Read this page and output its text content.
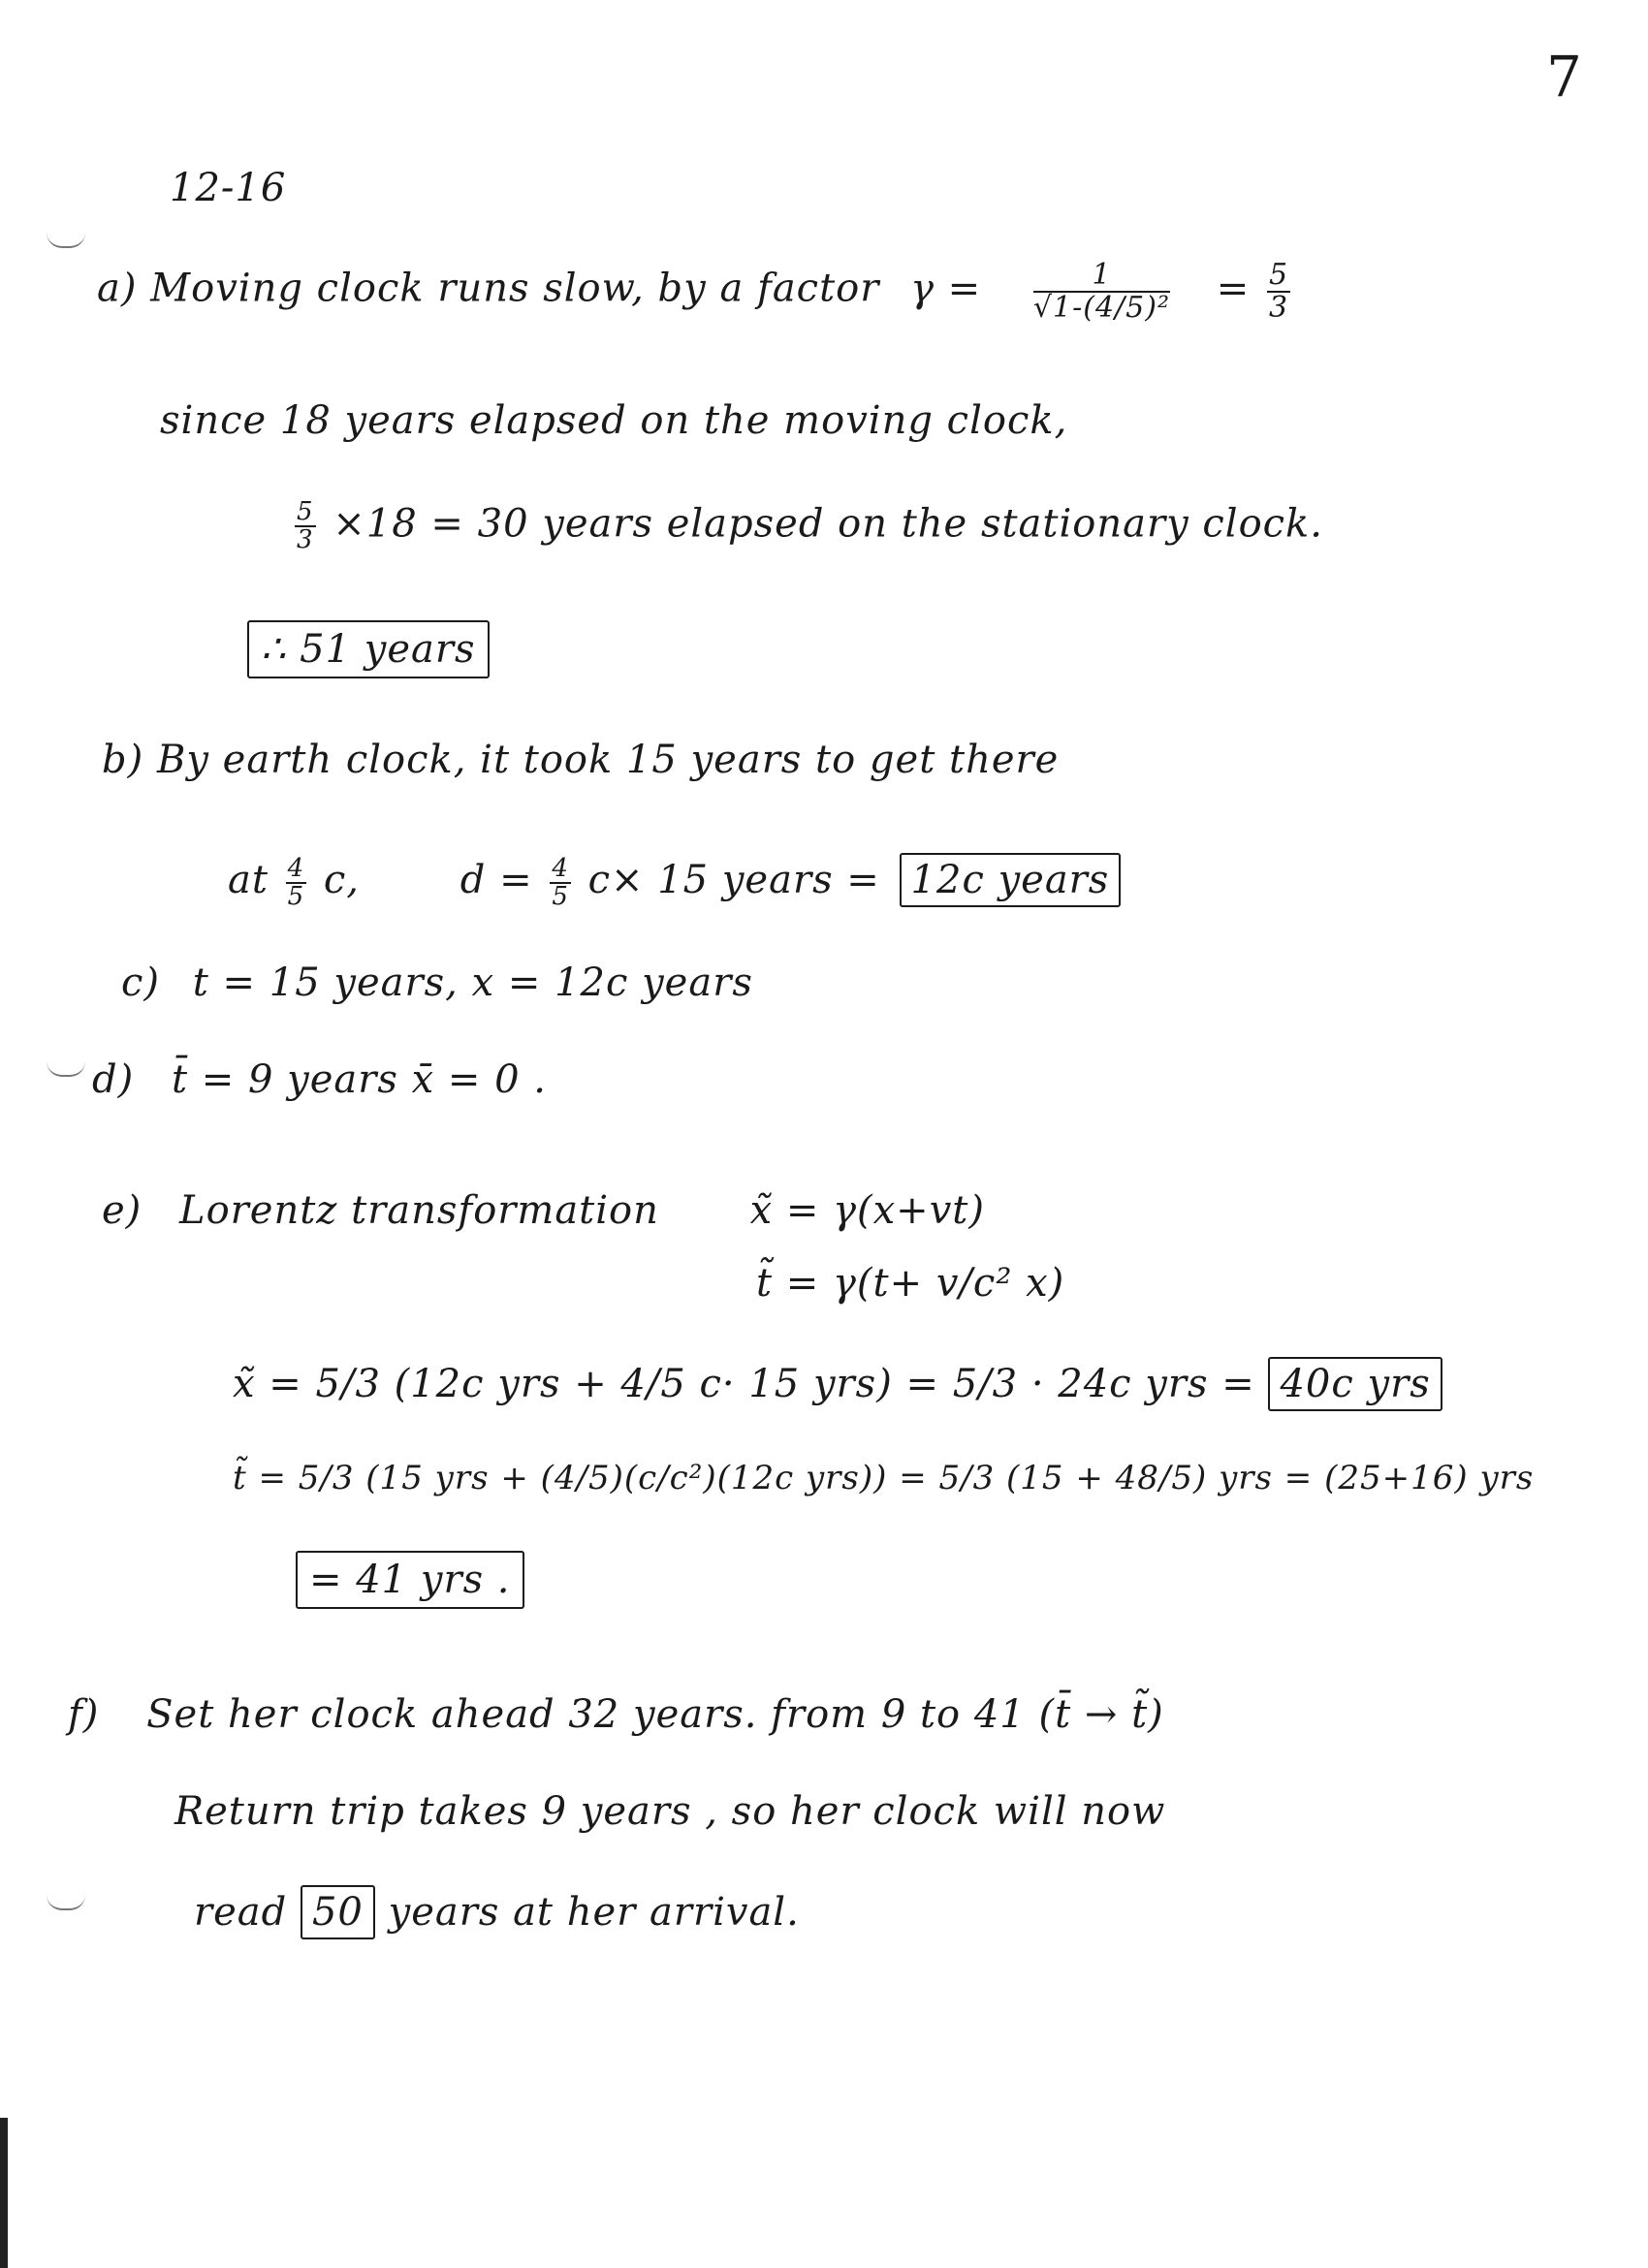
7
12-16
a) Moving clock runs slow, by a factor $\gamma = \frac{1}{\text{√1-(4/5)²}} = \frac{5}{3}$
since 18 years elapsed on the moving clock,
$\frac{5}{3} \times 18 = 30$ years elapsed on the stationary clock.
∴ 51 years
b) By earth clock, it took 15 years to get there
at $\frac{4}{5} c$,	$d = \frac{4}{5} c\times 15$ years = 12c years
c) t = 15 years, x = 12c years
d) t̄ = 9 years x̄ = 0 .
e) Lorentz transformation x̃ = γ(x+vt)
t̃ = γ(t+ v/c² x)
x̃ = 5/3 (12c yrs + 4/5 c· 15 yrs) = 5/3 · 24c yrs = 40c yrs
t̃ = 5/3 (15 yrs + (4/5)(c/c²)(12c yrs)) = 5/3 (15 + 48/5) yrs = (25+16) yrs
= 41 yrs .
f) Set her clock ahead 32 years. from 9 to 41 (t̄ → t̃)
Return trip takes 9 years , so her clock will now
read 50 years at her arrival.
